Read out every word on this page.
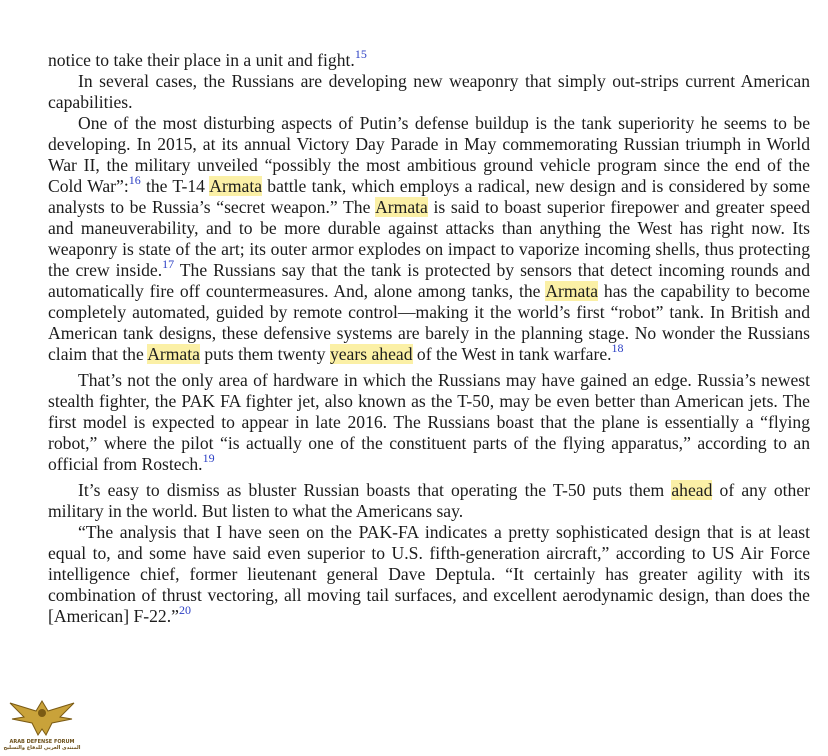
notice to take their place in a unit and fight.$^{15}$

In several cases, the Russians are developing new weaponry that simply out-strips current American capabilities.

One of the most disturbing aspects of Putin’s defense buildup is the tank superiority he seems to be developing. In 2015, at its annual Victory Day Parade in May commemorating Russian triumph in World War II, the military unveiled “possibly the most ambitious ground vehicle program since the end of the Cold War”:$^{16}$ the T-14 Armata battle tank, which employs a radical, new design and is considered by some analysts to be Russia’s “secret weapon.” The Armata is said to boast superior firepower and greater speed and maneuverability, and to be more durable against attacks than anything the West has right now. Its weaponry is state of the art; its outer armor explodes on impact to vaporize incoming shells, thus protecting the crew inside.$^{17}$ The Russians say that the tank is protected by sensors that detect incoming rounds and automatically fire off countermeasures. And, alone among tanks, the Armata has the capability to become completely automated, guided by remote control—making it the world’s first “robot” tank. In British and American tank designs, these defensive systems are barely in the planning stage. No wonder the Russians claim that the Armata puts them twenty years ahead of the West in tank warfare.$^{18}$

That’s not the only area of hardware in which the Russians may have gained an edge. Russia’s newest stealth fighter, the PAK FA fighter jet, also known as the T-50, may be even better than American jets. The first model is expected to appear in late 2016. The Russians boast that the plane is essentially a “flying robot,” where the pilot “is actually one of the constituent parts of the flying apparatus,” according to an official from Rostech.$^{19}$

It’s easy to dismiss as bluster Russian boasts that operating the T-50 puts them ahead of any other military in the world. But listen to what the Americans say.

“The analysis that I have seen on the PAK-FA indicates a pretty sophisticated design that is at least equal to, and some have said even superior to U.S. fifth-generation aircraft,” according to US Air Force intelligence chief, former lieutenant general Dave Deptula. “It certainly has greater agility with its combination of thrust vectoring, all moving tail surfaces, and excellent aerodynamic design, than does the [American] F-22.”$^{20}$

ARAB DEFENSE FORUM
المنتدى العربي للدفاع والتسليح
